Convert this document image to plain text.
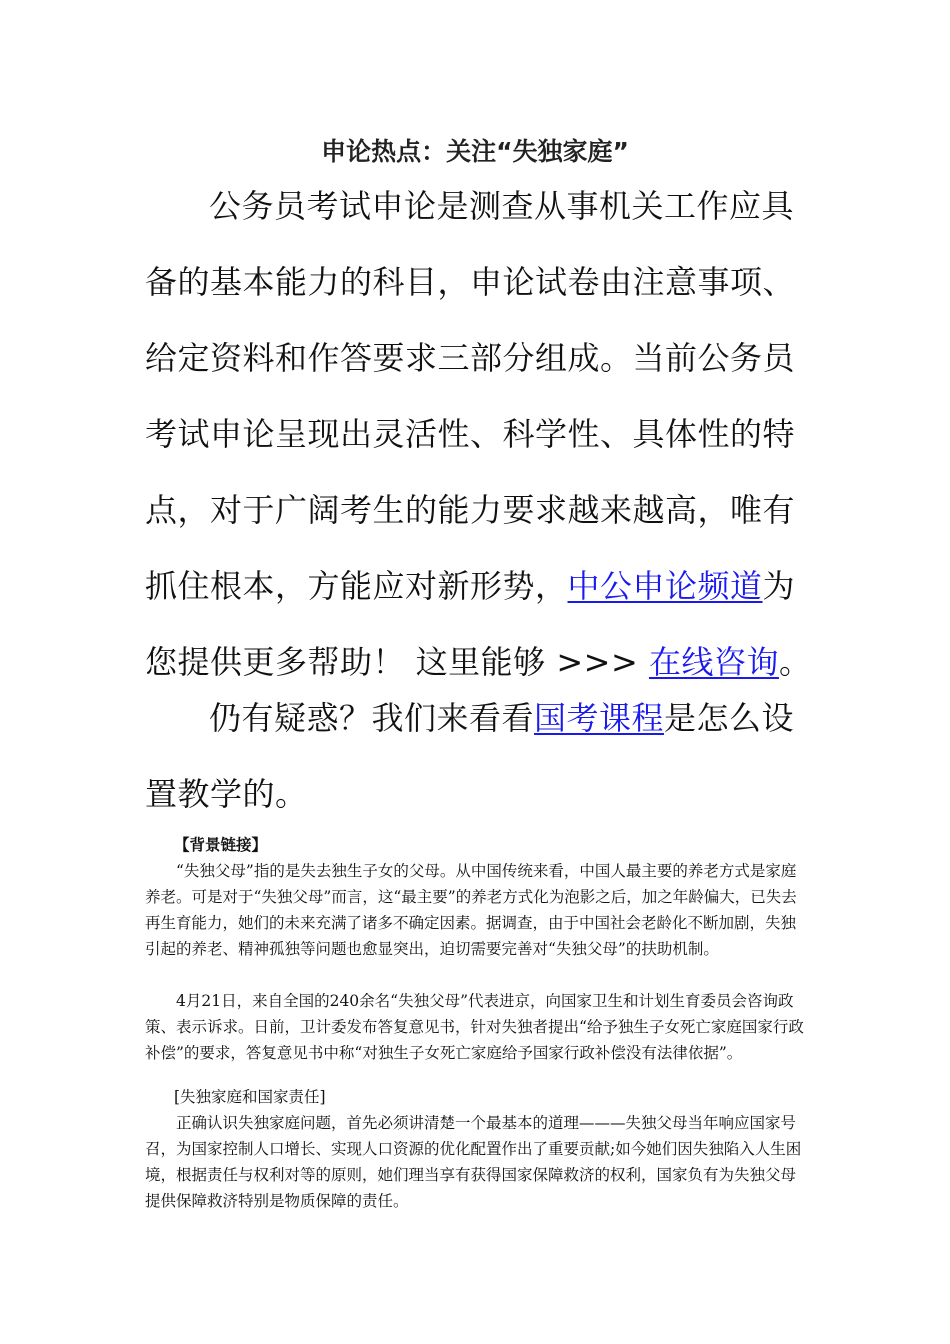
申论热点：关注“失独家庭”

公务员考试申论是测查从事机关工作应具备的基本能力的科目，申论试卷由注意事项、给定资料和作答要求三部分组成。当前公务员考试申论呈现出灵活性、科学性、具体性的特点，对于广阔考生的能力要求越来越高，唯有抓住根本，方能应对新形势，中公申论频道为您提供更多帮助！ 这里能够 >>> 在线咨询。

仍有疑惑？我们来看看国考课程是怎么设置教学的。

【背景链接】

“失独父母”指的是失去独生子女的父母。从中国传统来看，中国人最主要的养老方式是家庭养老。可是对于“失独父母”而言，这“最主要”的养老方式化为泡影之后，加之年龄偏大，已失去再生育能力，她们的未来充满了诸多不确定因素。据调查，由于中国社会老龄化不断加剧，失独引起的养老、精神孤独等问题也愈显突出，迫切需要完善对“失独父母”的扶助机制。

4月21日，来自全国的240余名“失独父母”代表进京，向国家卫生和计划生育委员会咨询政策、表示诉求。日前，卫计委发布答复意见书，针对失独者提出“给予独生子女死亡家庭国家行政补偿”的要求，答复意见书中称“对独生子女死亡家庭给予国家行政补偿没有法律依据”。

[失独家庭和国家责任]

正确认识失独家庭问题，首先必须讲清楚一个最基本的道理———失独父母当年响应国家号召，为国家控制人口增长、实现人口资源的优化配置作出了重要贡献;如今她们因失独陷入人生困境，根据责任与权利对等的原则，她们理当享有获得国家保障救济的权利，国家负有为失独父母提供保障救济特别是物质保障的责任。
